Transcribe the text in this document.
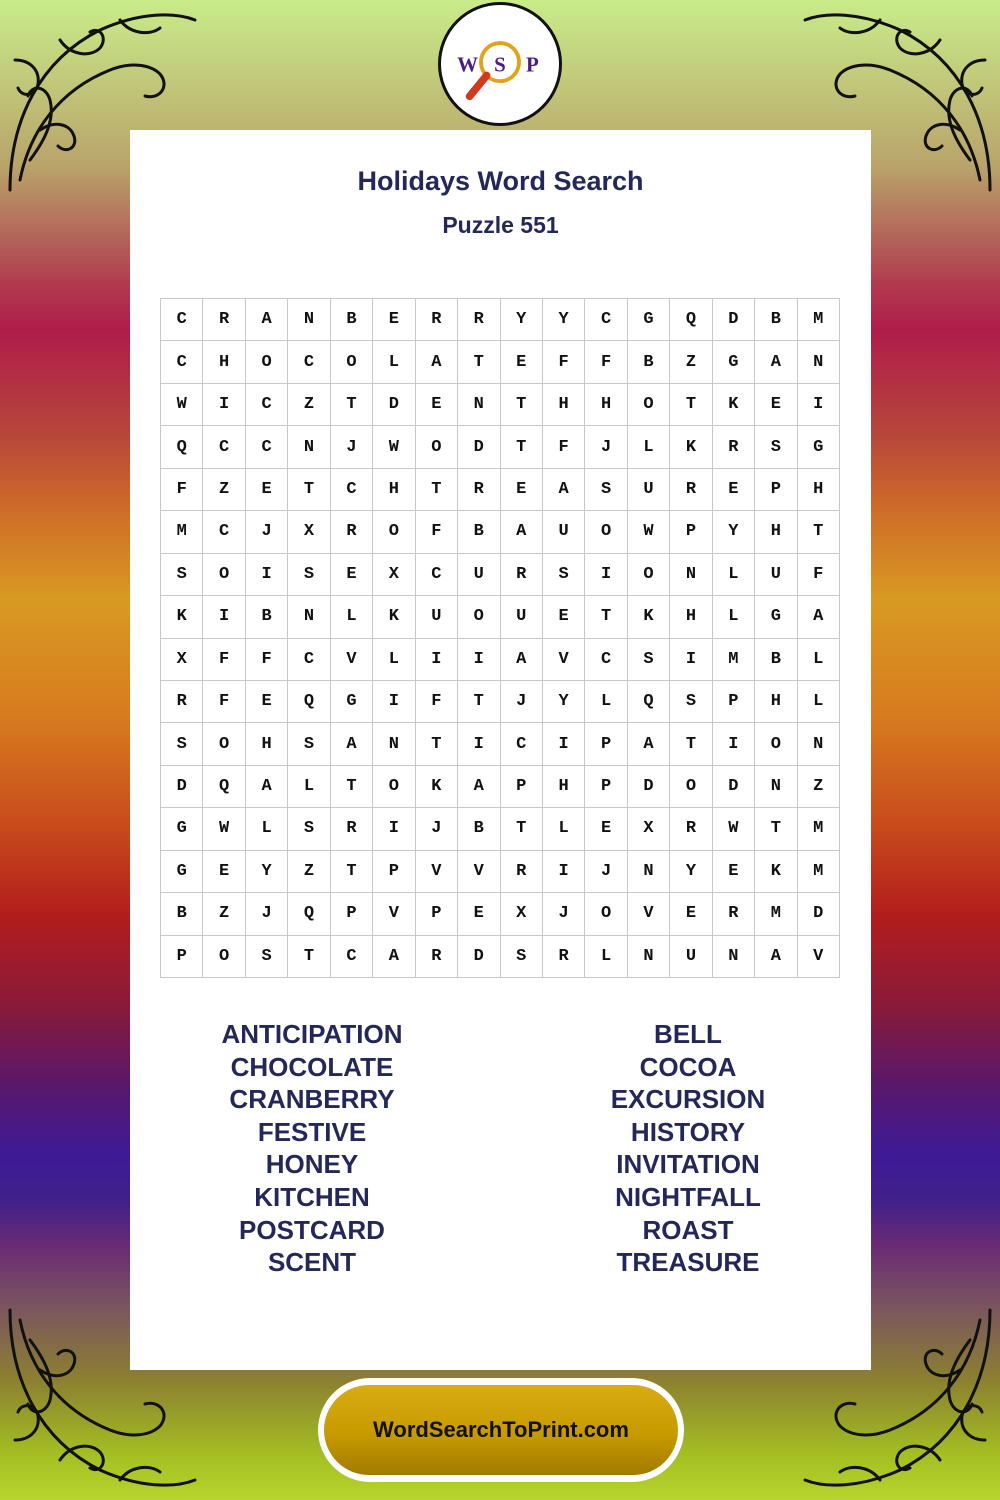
W S P
Holidays Word Search
Puzzle 551
C	R	A	N	B	E	R	R	Y	Y	C	G	Q	D	B	M
C	H	O	C	O	L	A	T	E	F	F	B	Z	G	A	N
W	I	C	Z	T	D	E	N	T	H	H	O	T	K	E	I
Q	C	C	N	J	W	O	D	T	F	J	L	K	R	S	G
F	Z	E	T	C	H	T	R	E	A	S	U	R	E	P	H
M	C	J	X	R	O	F	B	A	U	O	W	P	Y	H	T
S	O	I	S	E	X	C	U	R	S	I	O	N	L	U	F
K	I	B	N	L	K	U	O	U	E	T	K	H	L	G	A
X	F	F	C	V	L	I	I	A	V	C	S	I	M	B	L
R	F	E	Q	G	I	F	T	J	Y	L	Q	S	P	H	L
S	O	H	S	A	N	T	I	C	I	P	A	T	I	O	N
D	Q	A	L	T	O	K	A	P	H	P	D	O	D	N	Z
G	W	L	S	R	I	J	B	T	L	E	X	R	W	T	M
G	E	Y	Z	T	P	V	V	R	I	J	N	Y	E	K	M
B	Z	J	Q	P	V	P	E	X	J	O	V	E	R	M	D
P	O	S	T	C	A	R	D	S	R	L	N	U	N	A	V
ANTICIPATION
CHOCOLATE
CRANBERRY
FESTIVE
HONEY
KITCHEN
POSTCARD
SCENT
BELL
COCOA
EXCURSION
HISTORY
INVITATION
NIGHTFALL
ROAST
TREASURE
WordSearchToPrint.com
